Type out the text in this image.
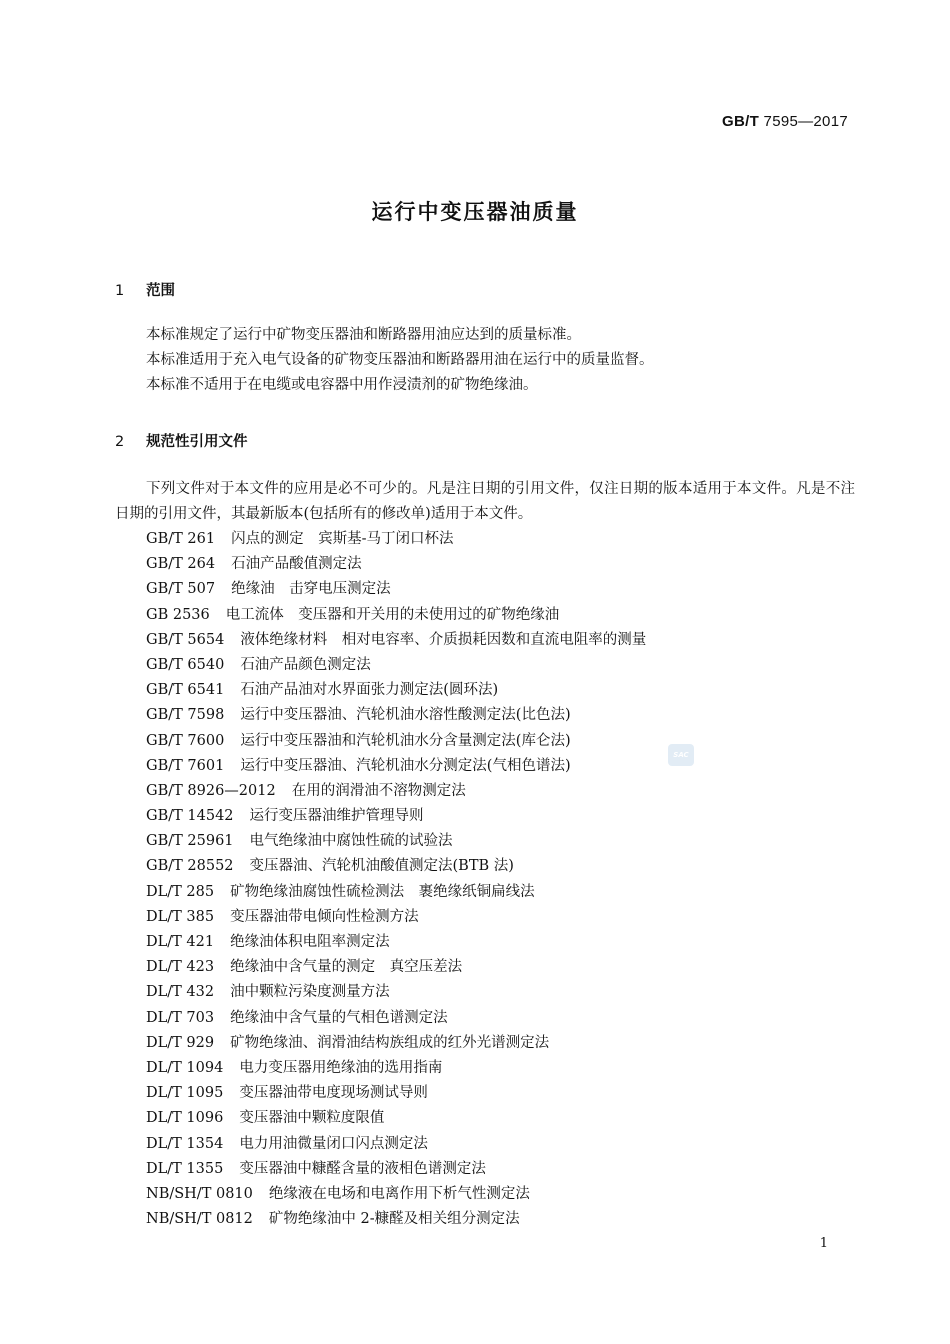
GB/T 7595—2017
运行中变压器油质量
1 范围
本标准规定了运行中矿物变压器油和断路器用油应达到的质量标准。
本标准适用于充入电气设备的矿物变压器油和断路器用油在运行中的质量监督。
本标准不适用于在电缆或电容器中用作浸渍剂的矿物绝缘油。
2 规范性引用文件
下列文件对于本文件的应用是必不可少的。凡是注日期的引用文件，仅注日期的版本适用于本文件。凡是不注日期的引用文件，其最新版本(包括所有的修改单)适用于本文件。
GB/T 261 闪点的测定　宾斯基-马丁闭口杯法
GB/T 264 石油产品酸值测定法
GB/T 507 绝缘油　击穿电压测定法
GB 2536 电工流体　变压器和开关用的未使用过的矿物绝缘油
GB/T 5654 液体绝缘材料　相对电容率、介质损耗因数和直流电阻率的测量
GB/T 6540 石油产品颜色测定法
GB/T 6541 石油产品油对水界面张力测定法(圆环法)
GB/T 7598 运行中变压器油、汽轮机油水溶性酸测定法(比色法)
GB/T 7600 运行中变压器油和汽轮机油水分含量测定法(库仑法)
GB/T 7601 运行中变压器油、汽轮机油水分测定法(气相色谱法)
GB/T 8926—2012 在用的润滑油不溶物测定法
GB/T 14542 运行变压器油维护管理导则
GB/T 25961 电气绝缘油中腐蚀性硫的试验法
GB/T 28552 变压器油、汽轮机油酸值测定法(BTB 法)
DL/T 285 矿物绝缘油腐蚀性硫检测法　裹绝缘纸铜扁线法
DL/T 385 变压器油带电倾向性检测方法
DL/T 421 绝缘油体积电阻率测定法
DL/T 423 绝缘油中含气量的测定　真空压差法
DL/T 432 油中颗粒污染度测量方法
DL/T 703 绝缘油中含气量的气相色谱测定法
DL/T 929 矿物绝缘油、润滑油结构族组成的红外光谱测定法
DL/T 1094 电力变压器用绝缘油的选用指南
DL/T 1095 变压器油带电度现场测试导则
DL/T 1096 变压器油中颗粒度限值
DL/T 1354 电力用油微量闭口闪点测定法
DL/T 1355 变压器油中糠醛含量的液相色谱测定法
NB/SH/T 0810 绝缘液在电场和电离作用下析气性测定法
NB/SH/T 0812 矿物绝缘油中 2-糠醛及相关组分测定法
SAC
1
